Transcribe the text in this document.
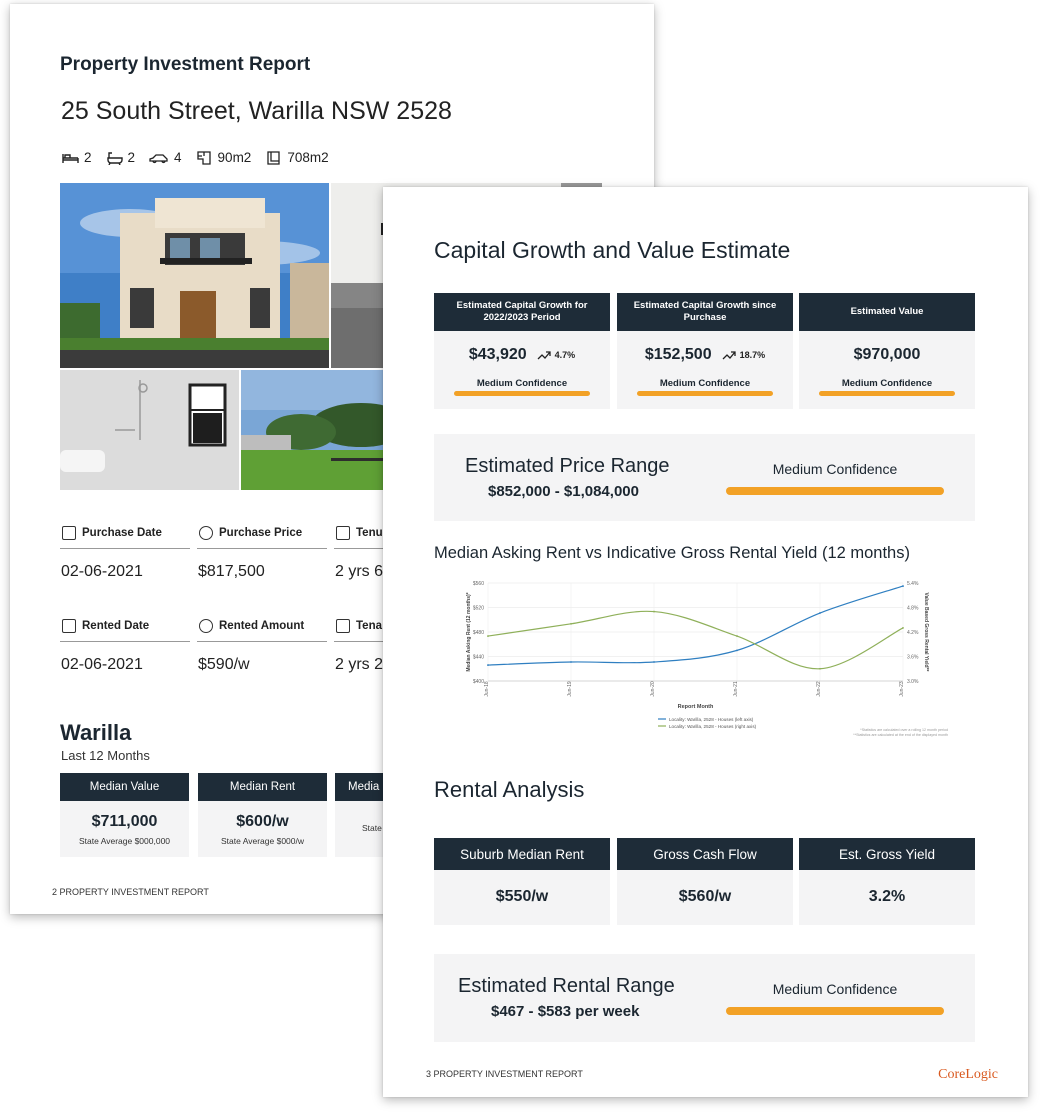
Property Investment Report
25 South Street, Warilla NSW 2528
2	2	4	90m2	708m2
Purchase Date
02-06-2021
Purchase Price
$817,500
Tenu
2 yrs 6
Rented Date
02-06-2021
Rented Amount
$590/w
Tena
2 yrs 2
Warilla
Last 12 Months
Median Value
$711,000
State Average $000,000
Median Rent
$600/w
State Average $000/w
Media
State
2 PROPERTY INVESTMENT REPORT
Capital Growth and Value Estimate
Estimated Capital Growth for 2022/2023 Period
$43,920	4.7%
Medium Confidence
Estimated Capital Growth since Purchase
$152,500	18.7%
Medium Confidence
Estimated Value
$970,000
Medium Confidence
Estimated Price Range
$852,000 - $1,084,000
Medium Confidence
Median Asking Rent vs Indicative Gross Rental Yield (12 months)
$400
$440
$480
$520
$560
3.0%
3.6%
4.2%
4.8%
5.4%
Jun-18	Jun-19	Jun-20	Jun-21	Jun-22	Jun-23
Report Month
Median Asking Rent (12 months)*	Value Based Gross Rental Yield**
Locality: Warilla, 2528 - Houses (left axis)
Locality: Warilla, 2528 - Houses (right axis)
*Statistics are calculated over a rolling 12 month period
**Statistics are calculated at the end of the displayed month
Rental Analysis
Suburb Median Rent
$550/w
Gross Cash Flow
$560/w
Est. Gross Yield
3.2%
Estimated Rental Range
$467 - $583 per week
Medium Confidence
3 PROPERTY INVESTMENT REPORT	CoreLogic
